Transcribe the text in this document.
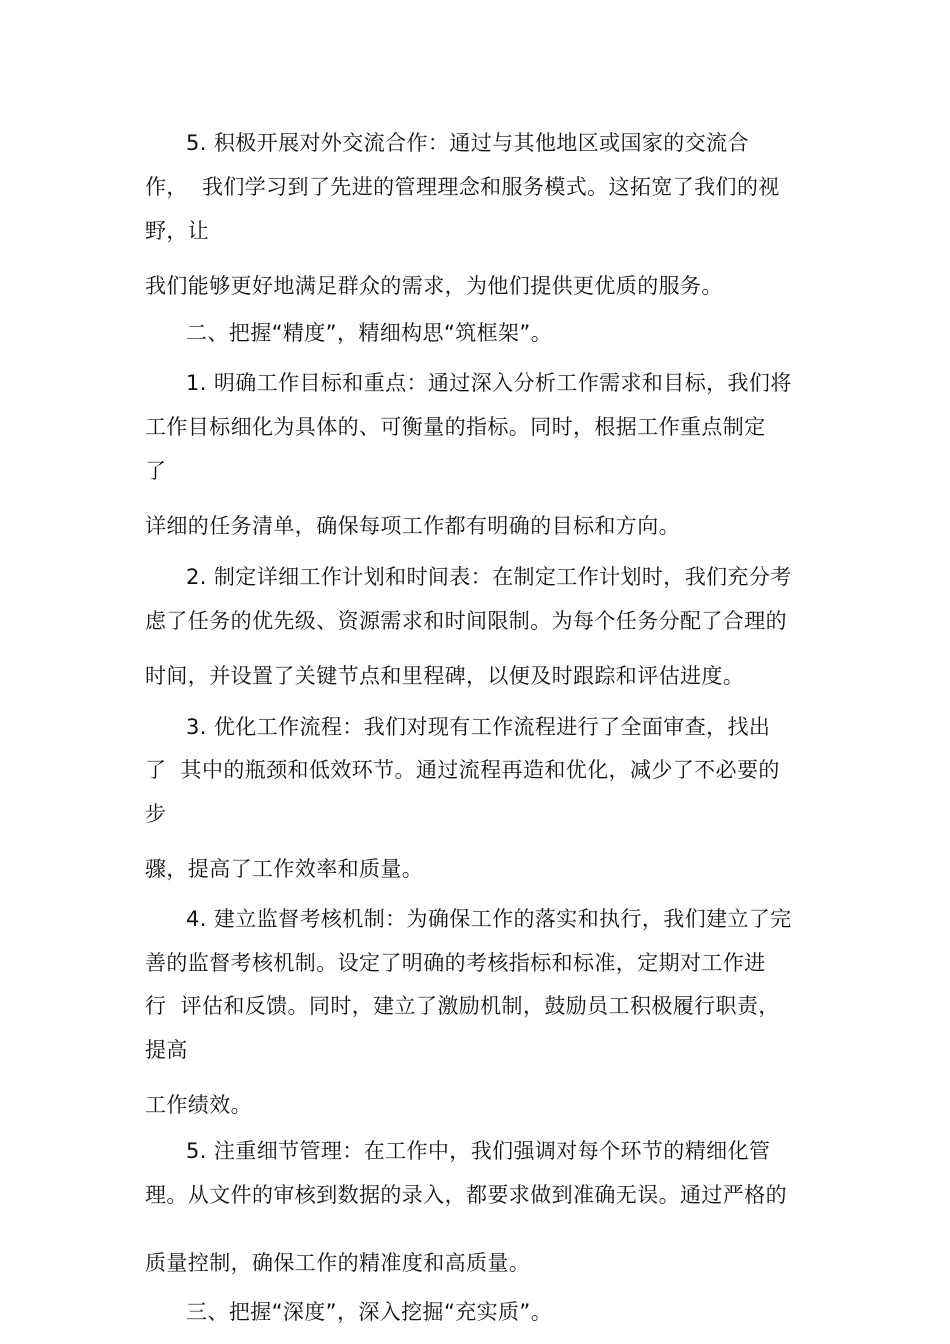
5. 积极开展对外交流合作：通过与其他地区或国家的交流合
作，  我们学习到了先进的管理理念和服务模式。这拓宽了我们的视
野，让
我们能够更好地满足群众的需求，为他们提供更优质的服务。
二、把握“精度”，精细构思“筑框架”。
1. 明确工作目标和重点：通过深入分析工作需求和目标，我们将
工作目标细化为具体的、可衡量的指标。同时，根据工作重点制定
了
详细的任务清单，确保每项工作都有明确的目标和方向。
2. 制定详细工作计划和时间表：在制定工作计划时，我们充分考
虑了任务的优先级、资源需求和时间限制。为每个任务分配了合理的
时间，并设置了关键节点和里程碑，以便及时跟踪和评估进度。
3. 优化工作流程：我们对现有工作流程进行了全面审查，找出
了  其中的瓶颈和低效环节。通过流程再造和优化，减少了不必要的
步
骤，提高了工作效率和质量。
4. 建立监督考核机制：为确保工作的落实和执行，我们建立了完
善的监督考核机制。设定了明确的考核指标和标准，定期对工作进
行  评估和反馈。同时，建立了激励机制，鼓励员工积极履行职责，
提高
工作绩效。
5. 注重细节管理：在工作中，我们强调对每个环节的精细化管
理。从文件的审核到数据的录入，都要求做到准确无误。通过严格的
质量控制，确保工作的精准度和高质量。
三、把握“深度”，深入挖掘“充实质”。
